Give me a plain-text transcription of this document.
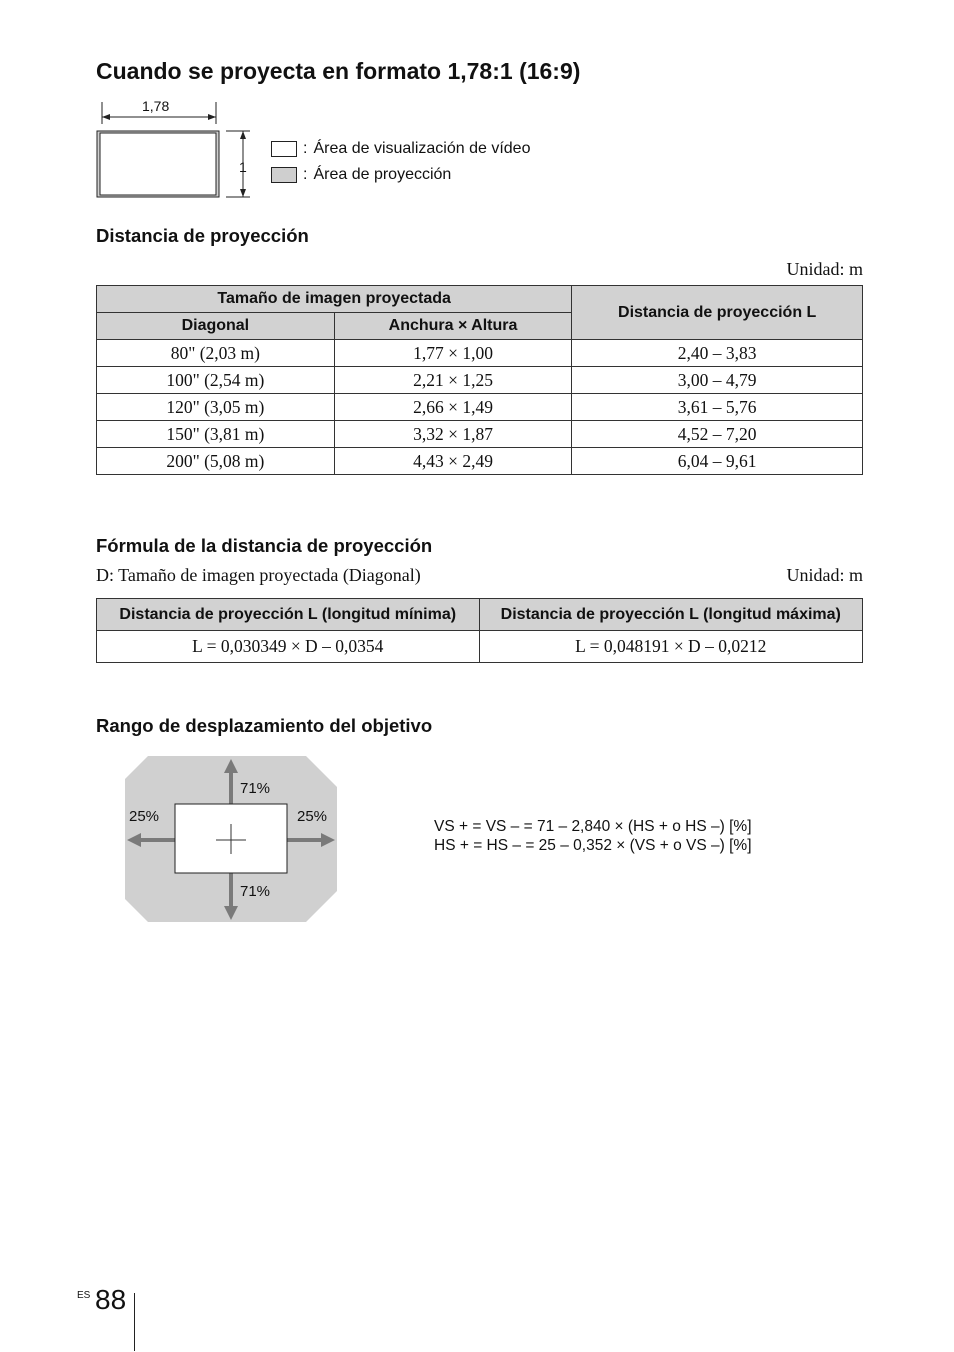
Cuando se proyecta en formato 1,78:1 (16:9)
1,78
1
: Área de visualización de vídeo
: Área de proyección
Distancia de proyección
Unidad: m
Tamaño de imagen proyectada		Distancia de proyección L
Diagonal	Anchura × Altura	
80" (2,03 m)	1,77 × 1,00	2,40 – 3,83
100" (2,54 m)	2,21 × 1,25	3,00 – 4,79
120" (3,05 m)	2,66 × 1,49	3,61 – 5,76
150" (3,81 m)	3,32 × 1,87	4,52 – 7,20
200" (5,08 m)	4,43 × 2,49	6,04 – 9,61
Fórmula de la distancia de proyección
D: Tamaño de imagen proyectada (Diagonal)	Unidad: m
Distancia de proyección L (longitud mínima)	Distancia de proyección L (longitud máxima)
L = 0,030349 × D – 0,0354	L = 0,048191 × D – 0,0212
Rango de desplazamiento del objetivo
71%
71%
25%	25%
VS + = VS – = 71 – 2,840 × (HS + o HS –) [%]
HS + = HS – = 25 – 0,352 × (VS + o VS –) [%]
ES 88
